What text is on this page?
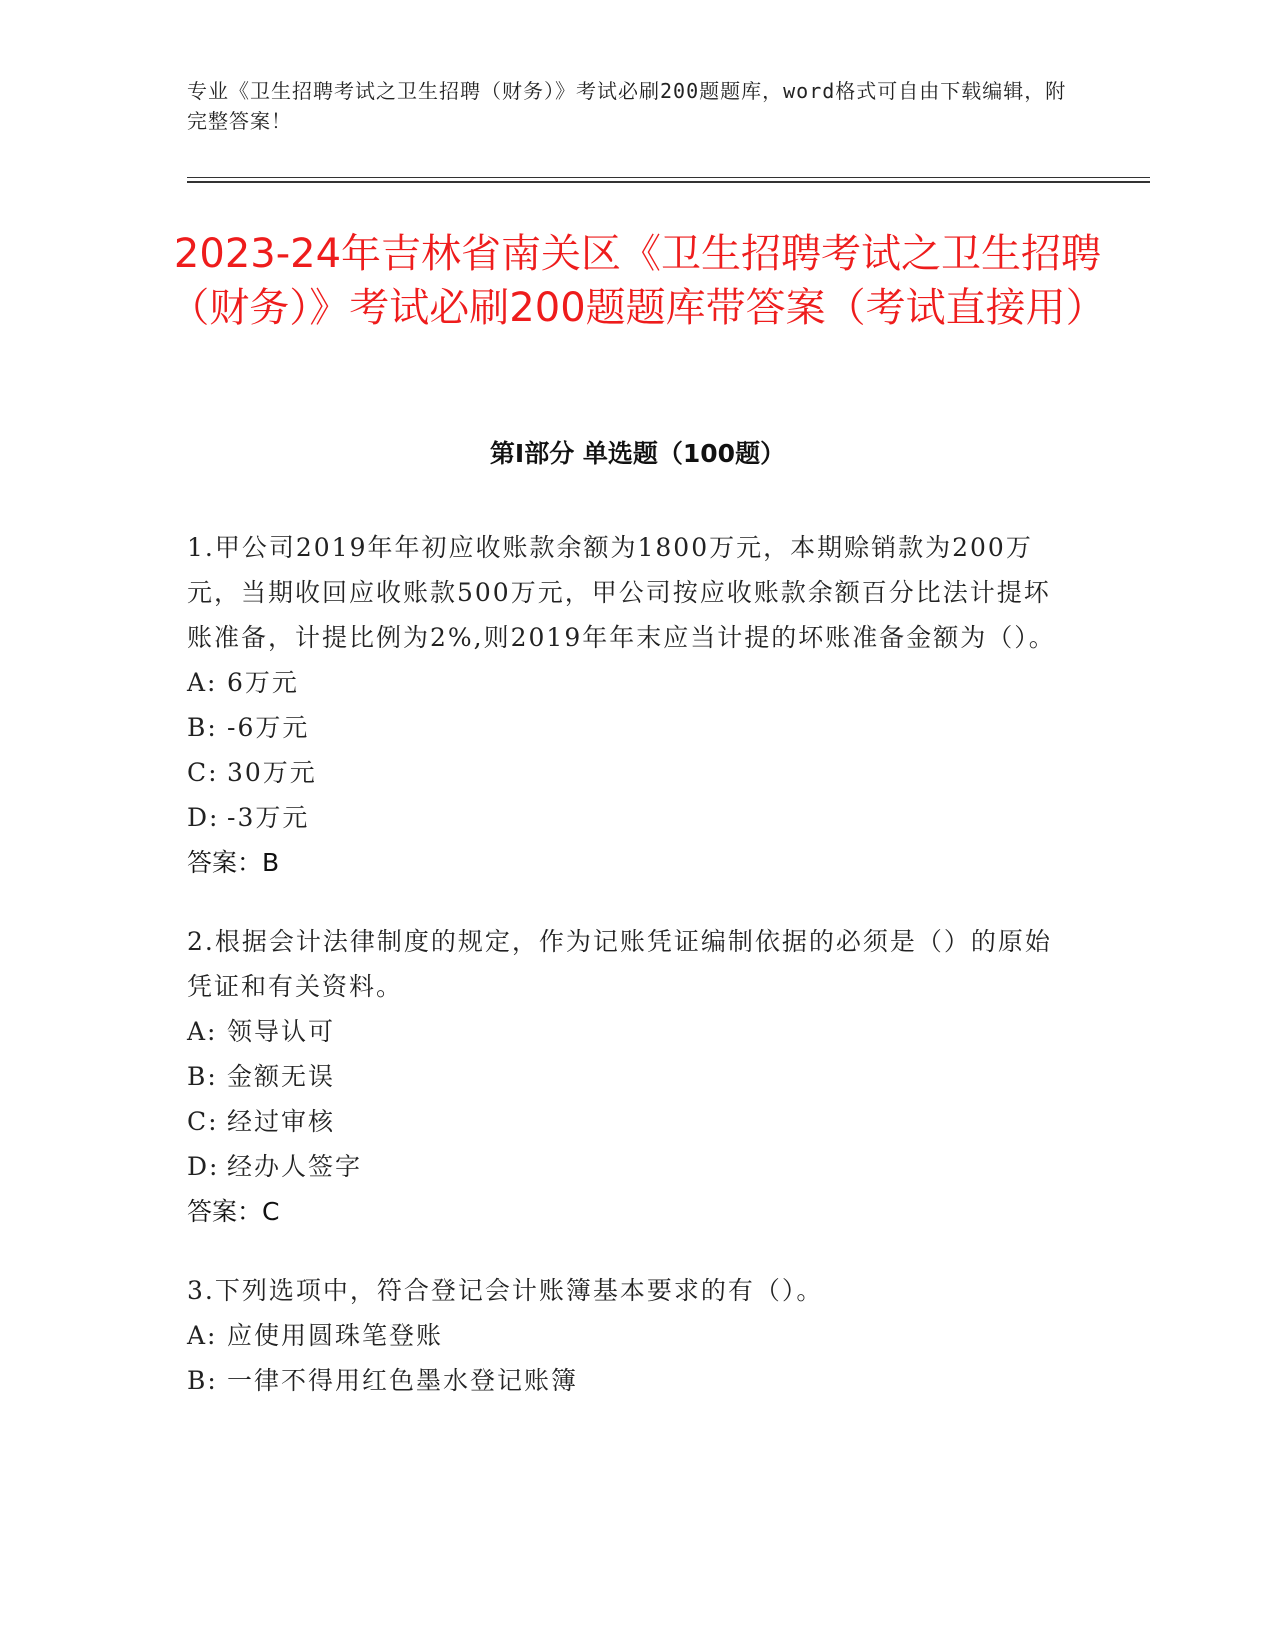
专业《卫生招聘考试之卫生招聘（财务）》考试必刷200题题库，word格式可自由下载编辑，附完整答案！
2023-24年吉林省南关区《卫生招聘考试之卫生招聘（财务）》考试必刷200题题库带答案（考试直接用）
第Ⅰ部分 单选题（100题）

1.甲公司2019年年初应收账款余额为1800万元，本期赊销款为200万元，当期收回应收账款500万元，甲公司按应收账款余额百分比法计提坏账准备，计提比例为2%,则2019年年末应当计提的坏账准备金额为（）。

A: 6万元

B: -6万元

C: 30万元

D: -3万元

答案：B

2.根据会计法律制度的规定，作为记账凭证编制依据的必须是（）的原始凭证和有关资料。

A: 领导认可

B: 金额无误

C: 经过审核

D: 经办人签字

答案：C

3.下列选项中，符合登记会计账簿基本要求的有（）。

A: 应使用圆珠笔登账

B: 一律不得用红色墨水登记账簿
